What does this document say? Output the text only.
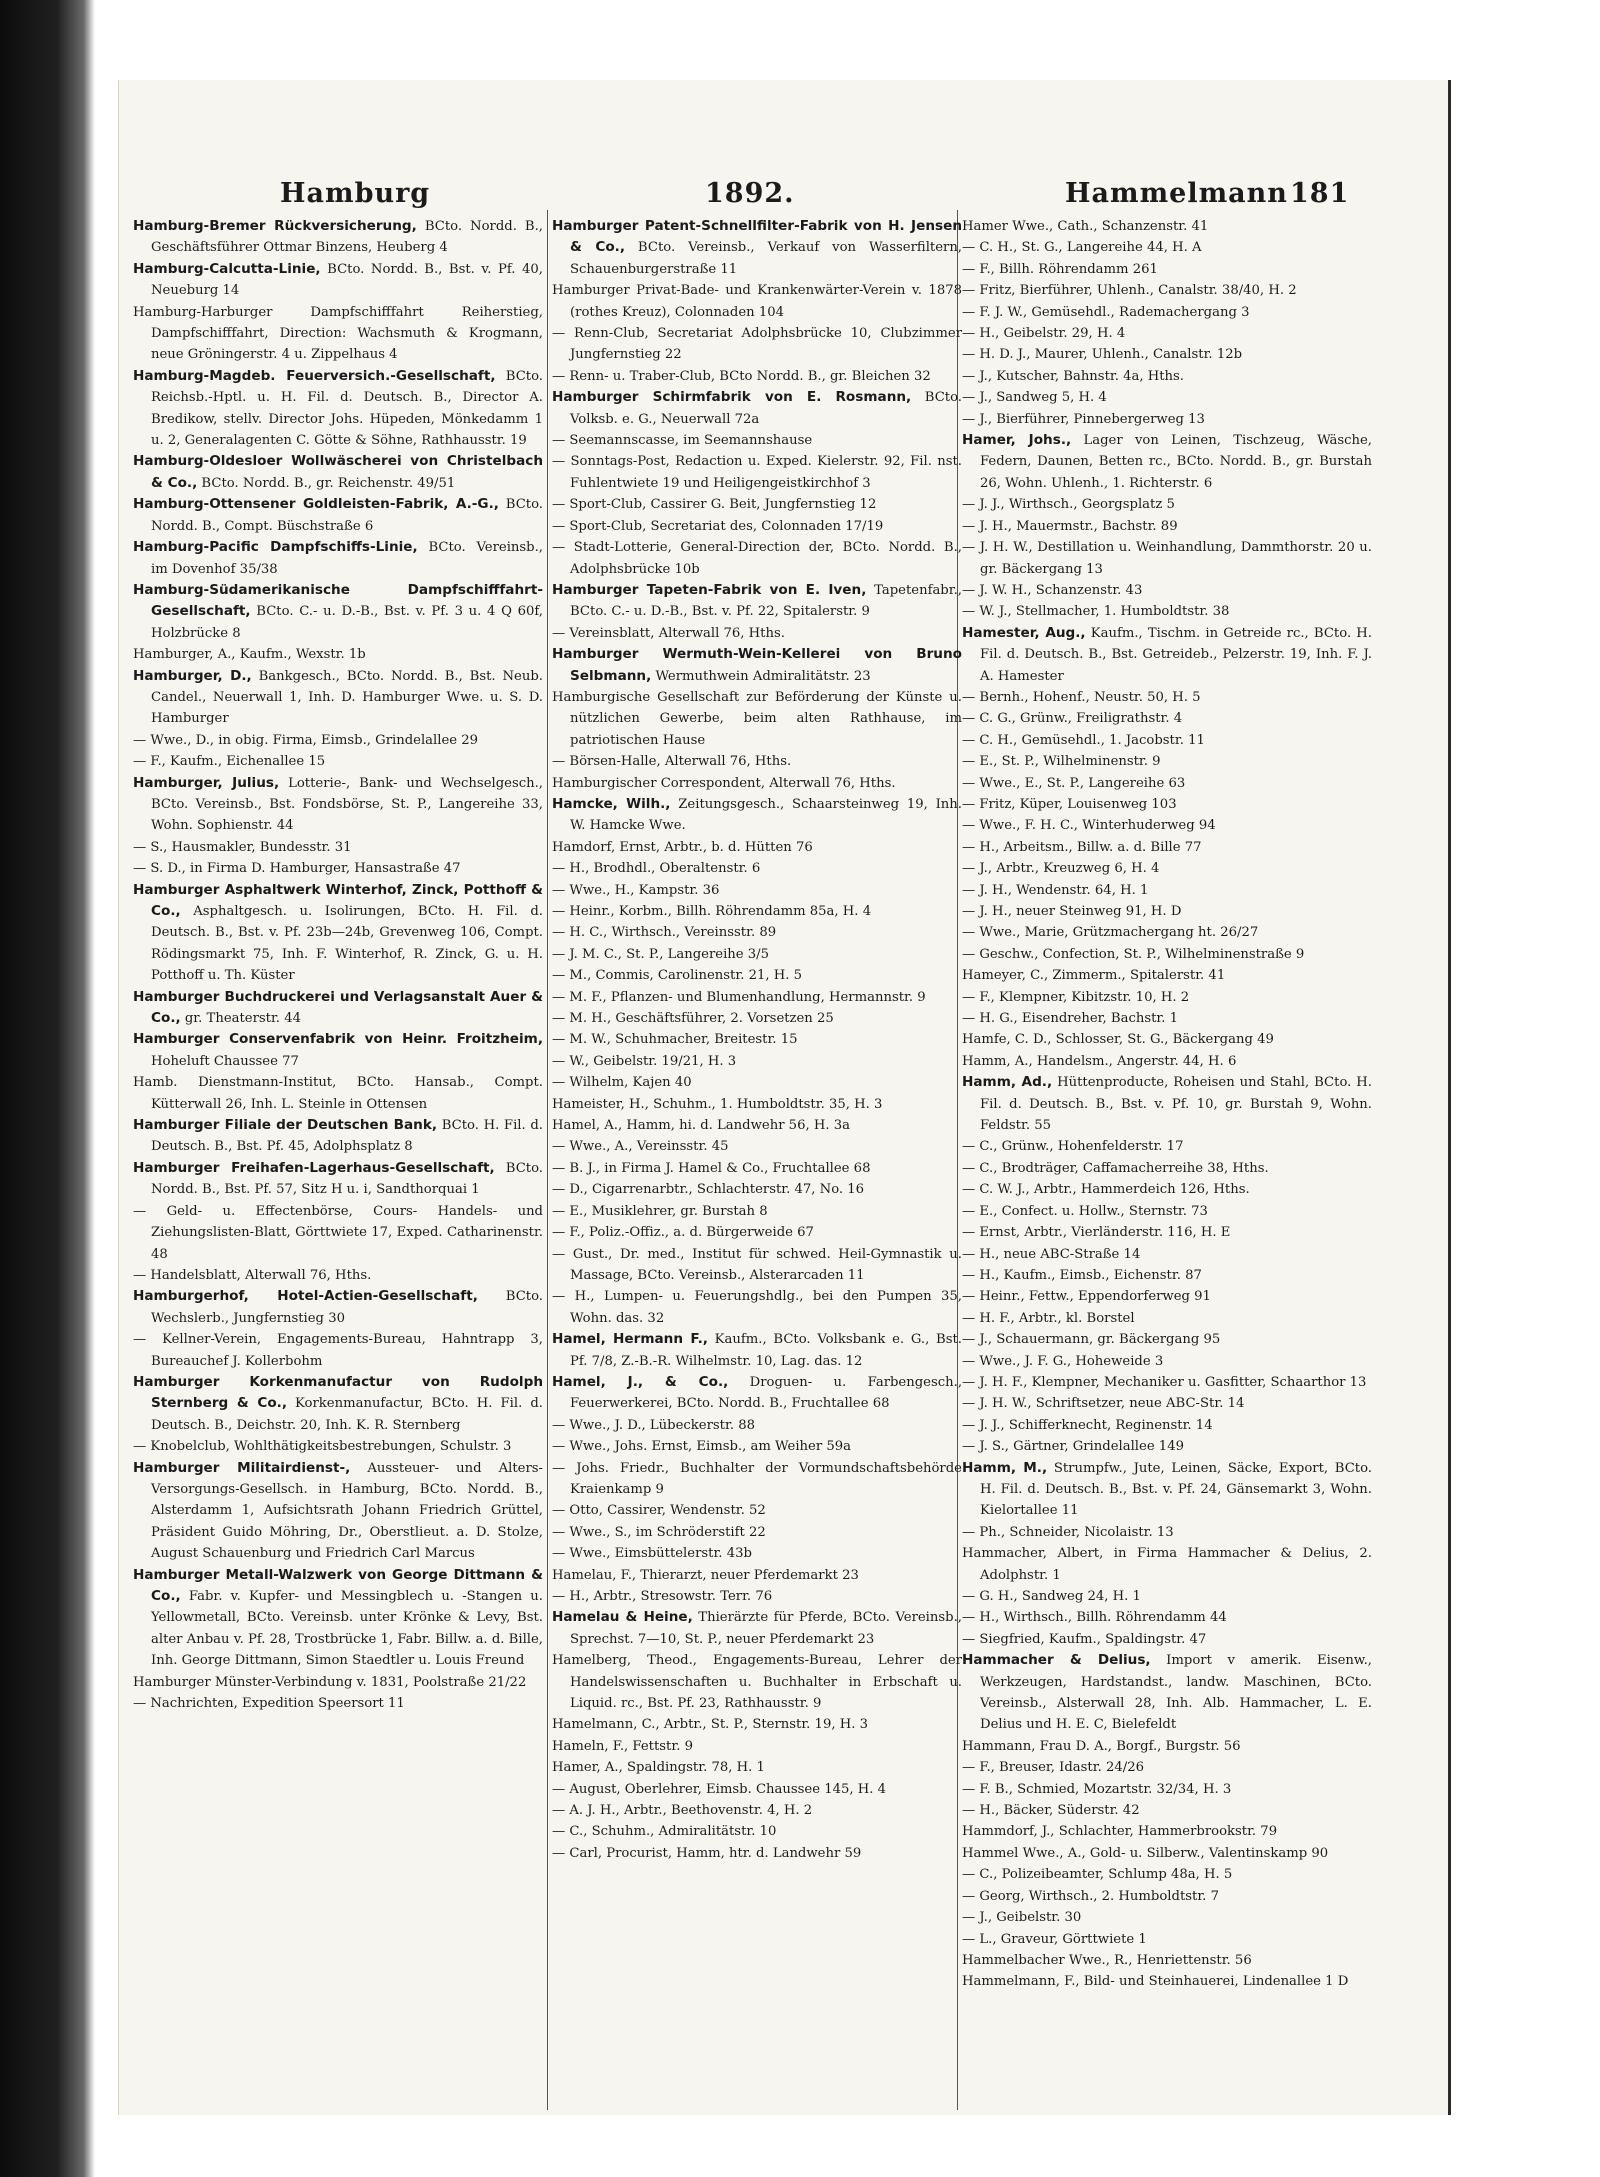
Hamburg	1892.	Hammelmann 181

Hamburg-Bremer Rückversicherung, BCto. Nordd. B., Geschäftsführer Ottmar Binzens, Heuberg 4

Hamburg-Calcutta-Linie, BCto. Nordd. B., Bst. v. Pf. 40, Neueburg 14

Hamburg-Harburger Dampfschifffahrt Reiherstieg, Dampfschifffahrt, Direction: Wachsmuth & Krogmann, neue Gröningerstr. 4 u. Zippelhaus 4

Hamburg-Magdeb. Feuerversich.-Gesellschaft, BCto. Reichsb.-Hptl. u. H. Fil. d. Deutsch. B., Director A. Bredikow, stellv. Director Johs. Hüpeden, Mönkedamm 1 u. 2, Generalagenten C. Götte & Söhne, Rathhausstr. 19

Hamburg-Oldesloer Wollwäscherei von Christelbach & Co., BCto. Nordd. B., gr. Reichenstr. 49/51

Hamburg-Ottensener Goldleisten-Fabrik, A.-G., BCto. Nordd. B., Compt. Büschstraße 6

Hamburg-Pacific Dampfschiffs-Linie, BCto. Vereinsb., im Dovenhof 35/38

Hamburg-Südamerikanische Dampfschifffahrt-Gesellschaft, BCto. C.- u. D.-B., Bst. v. Pf. 3 u. 4 Q 60f, Holzbrücke 8

Hamburger, A., Kaufm., Wexstr. 1b

Hamburger, D., Bankgesch., BCto. Nordd. B., Bst. Neub. Candel., Neuerwall 1, Inh. D. Hamburger Wwe. u. S. D. Hamburger

— Wwe., D., in obig. Firma, Eimsb., Grindelallee 29

— F., Kaufm., Eichenallee 15

Hamburger, Julius, Lotterie-, Bank- und Wechselgesch., BCto. Vereinsb., Bst. Fondsbörse, St. P., Langereihe 33, Wohn. Sophienstr. 44

— S., Hausmakler, Bundesstr. 31

— S. D., in Firma D. Hamburger, Hansastraße 47

Hamburger Asphaltwerk Winterhof, Zinck, Potthoff & Co., Asphaltgesch. u. Isolirungen, BCto. H. Fil. d. Deutsch. B., Bst. v. Pf. 23b—24b, Grevenweg 106, Compt. Rödingsmarkt 75, Inh. F. Winterhof, R. Zinck, G. u. H. Potthoff u. Th. Küster

Hamburger Buchdruckerei und Verlagsanstalt Auer & Co., gr. Theaterstr. 44

Hamburger Conservenfabrik von Heinr. Froitzheim, Hoheluft Chaussee 77

Hamb. Dienstmann-Institut, BCto. Hansab., Compt. Kütterwall 26, Inh. L. Steinle in Ottensen

Hamburger Filiale der Deutschen Bank, BCto. H. Fil. d. Deutsch. B., Bst. Pf. 45, Adolphsplatz 8

Hamburger Freihafen-Lagerhaus-Gesellschaft, BCto. Nordd. B., Bst. Pf. 57, Sitz H u. i, Sandthorquai 1

— Geld- u. Effectenbörse, Cours- Handels- und Ziehungslisten-Blatt, Görttwiete 17, Exped. Catharinenstr. 48

— Handelsblatt, Alterwall 76, Hths.

Hamburgerhof, Hotel-Actien-Gesellschaft, BCto. Wechslerb., Jungfernstieg 30

— Kellner-Verein, Engagements-Bureau, Hahntrapp 3, Bureauchef J. Kollerbohm

Hamburger Korkenmanufactur von Rudolph Sternberg & Co., Korkenmanufactur, BCto. H. Fil. d. Deutsch. B., Deichstr. 20, Inh. K. R. Sternberg

— Knobelclub, Wohlthätigkeitsbestrebungen, Schulstr. 3

Hamburger Militairdienst-, Aussteuer- und Alters-Versorgungs-Gesellsch. in Hamburg, BCto. Nordd. B., Alsterdamm 1, Aufsichtsrath Johann Friedrich Grüttel, Präsident Guido Möhring, Dr., Oberstlieut. a. D. Stolze, August Schauenburg und Friedrich Carl Marcus

Hamburger Metall-Walzwerk von George Dittmann & Co., Fabr. v. Kupfer- und Messingblech u. -Stangen u. Yellowmetall, BCto. Vereinsb. unter Krönke & Levy, Bst. alter Anbau v. Pf. 28, Trostbrücke 1, Fabr. Billw. a. d. Bille, Inh. George Dittmann, Simon Staedtler u. Louis Freund

Hamburger Münster-Verbindung v. 1831, Poolstraße 21/22

— Nachrichten, Expedition Speersort 11

Hamburger Patent-Schnellfilter-Fabrik von H. Jensen & Co., BCto. Vereinsb., Verkauf von Wasserfiltern, Schauenburgerstraße 11

Hamburger Privat-Bade- und Krankenwärter-Verein v. 1878 (rothes Kreuz), Colonnaden 104

— Renn-Club, Secretariat Adolphsbrücke 10, Clubzimmer Jungfernstieg 22

— Renn- u. Traber-Club, BCto Nordd. B., gr. Bleichen 32

Hamburger Schirmfabrik von E. Rosmann, BCto. Volksb. e. G., Neuerwall 72a

— Seemannscasse, im Seemannshause

— Sonntags-Post, Redaction u. Exped. Kielerstr. 92, Fil. nst. Fuhlentwiete 19 und Heiligengeistkirchhof 3

— Sport-Club, Cassirer G. Beit, Jungfernstieg 12

— Sport-Club, Secretariat des, Colonnaden 17/19

— Stadt-Lotterie, General-Direction der, BCto. Nordd. B., Adolphsbrücke 10b

Hamburger Tapeten-Fabrik von E. Iven, Tapetenfabr., BCto. C.- u. D.-B., Bst. v. Pf. 22, Spitalerstr. 9

— Vereinsblatt, Alterwall 76, Hths.

Hamburger Wermuth-Wein-Kellerei von Bruno Selbmann, Wermuthwein Admiralitätstr. 23

Hamburgische Gesellschaft zur Beförderung der Künste u. nützlichen Gewerbe, beim alten Rathhause, im patriotischen Hause

— Börsen-Halle, Alterwall 76, Hths.

Hamburgischer Correspondent, Alterwall 76, Hths.

Hamcke, Wilh., Zeitungsgesch., Schaarsteinweg 19, Inh. W. Hamcke Wwe.

Hamdorf, Ernst, Arbtr., b. d. Hütten 76

— H., Brodhdl., Oberaltenstr. 6

— Wwe., H., Kampstr. 36

— Heinr., Korbm., Billh. Röhrendamm 85a, H. 4

— H. C., Wirthsch., Vereinsstr. 89

— J. M. C., St. P., Langereihe 3/5

— M., Commis, Carolinenstr. 21, H. 5

— M. F., Pflanzen- und Blumenhandlung, Hermannstr. 9

— M. H., Geschäftsführer, 2. Vorsetzen 25

— M. W., Schuhmacher, Breitestr. 15

— W., Geibelstr. 19/21, H. 3

— Wilhelm, Kajen 40

Hameister, H., Schuhm., 1. Humboldtstr. 35, H. 3

Hamel, A., Hamm, hi. d. Landwehr 56, H. 3a

— Wwe., A., Vereinsstr. 45

— B. J., in Firma J. Hamel & Co., Fruchtallee 68

— D., Cigarrenarbtr., Schlachterstr. 47, No. 16

— E., Musiklehrer, gr. Burstah 8

— F., Poliz.-Offiz., a. d. Bürgerweide 67

— Gust., Dr. med., Institut für schwed. Heil-Gymnastik u. Massage, BCto. Vereinsb., Alsterarcaden 11

— H., Lumpen- u. Feuerungshdlg., bei den Pumpen 35, Wohn. das. 32

Hamel, Hermann F., Kaufm., BCto. Volksbank e. G., Bst. Pf. 7/8, Z.-B.-R. Wilhelmstr. 10, Lag. das. 12

Hamel, J., & Co., Droguen- u. Farbengesch., Feuerwerkerei, BCto. Nordd. B., Fruchtallee 68

— Wwe., J. D., Lübeckerstr. 88

— Wwe., Johs. Ernst, Eimsb., am Weiher 59a

— Johs. Friedr., Buchhalter der Vormundschaftsbehörde Kraienkamp 9

— Otto, Cassirer, Wendenstr. 52

— Wwe., S., im Schröderstift 22

— Wwe., Eimsbüttelerstr. 43b

Hamelau, F., Thierarzt, neuer Pferdemarkt 23

— H., Arbtr., Stresowstr. Terr. 76

Hamelau & Heine, Thierärzte für Pferde, BCto. Vereinsb., Sprechst. 7—10, St. P., neuer Pferdemarkt 23

Hamelberg, Theod., Engagements-Bureau, Lehrer der Handelswissenschaften u. Buchhalter in Erbschaft u. Liquid. rc., Bst. Pf. 23, Rathhausstr. 9

Hamelmann, C., Arbtr., St. P., Sternstr. 19, H. 3

Hameln, F., Fettstr. 9

Hamer, A., Spaldingstr. 78, H. 1

— August, Oberlehrer, Eimsb. Chaussee 145, H. 4

— A. J. H., Arbtr., Beethovenstr. 4, H. 2

— C., Schuhm., Admiralitätstr. 10

— Carl, Procurist, Hamm, htr. d. Landwehr 59

Hamer Wwe., Cath., Schanzenstr. 41

— C. H., St. G., Langereihe 44, H. A

— F., Billh. Röhrendamm 261

— Fritz, Bierführer, Uhlenh., Canalstr. 38/40, H. 2

— F. J. W., Gemüsehdl., Rademachergang 3

— H., Geibelstr. 29, H. 4

— H. D. J., Maurer, Uhlenh., Canalstr. 12b

— J., Kutscher, Bahnstr. 4a, Hths.

— J., Sandweg 5, H. 4

— J., Bierführer, Pinnebergerweg 13

Hamer, Johs., Lager von Leinen, Tischzeug, Wäsche, Federn, Daunen, Betten rc., BCto. Nordd. B., gr. Burstah 26, Wohn. Uhlenh., 1. Richterstr. 6

— J. J., Wirthsch., Georgsplatz 5

— J. H., Mauermstr., Bachstr. 89

— J. H. W., Destillation u. Weinhandlung, Dammthorstr. 20 u. gr. Bäckergang 13

— J. W. H., Schanzenstr. 43

— W. J., Stellmacher, 1. Humboldtstr. 38

Hamester, Aug., Kaufm., Tischm. in Getreide rc., BCto. H. Fil. d. Deutsch. B., Bst. Getreideb., Pelzerstr. 19, Inh. F. J. A. Hamester

— Bernh., Hohenf., Neustr. 50, H. 5

— C. G., Grünw., Freiligrathstr. 4

— C. H., Gemüsehdl., 1. Jacobstr. 11

— E., St. P., Wilhelminenstr. 9

— Wwe., E., St. P., Langereihe 63

— Fritz, Küper, Louisenweg 103

— Wwe., F. H. C., Winterhuderweg 94

— H., Arbeitsm., Billw. a. d. Bille 77

— J., Arbtr., Kreuzweg 6, H. 4

— J. H., Wendenstr. 64, H. 1

— J. H., neuer Steinweg 91, H. D

— Wwe., Marie, Grützmachergang ht. 26/27

— Geschw., Confection, St. P., Wilhelminenstraße 9

Hameyer, C., Zimmerm., Spitalerstr. 41

— F., Klempner, Kibitzstr. 10, H. 2

— H. G., Eisendreher, Bachstr. 1

Hamfe, C. D., Schlosser, St. G., Bäckergang 49

Hamm, A., Handelsm., Angerstr. 44, H. 6

Hamm, Ad., Hüttenproducte, Roheisen und Stahl, BCto. H. Fil. d. Deutsch. B., Bst. v. Pf. 10, gr. Burstah 9, Wohn. Feldstr. 55

— C., Grünw., Hohenfelderstr. 17

— C., Brodträger, Caffamacherreihe 38, Hths.

— C. W. J., Arbtr., Hammerdeich 126, Hths.

— E., Confect. u. Hollw., Sternstr. 73

— Ernst, Arbtr., Vierländerstr. 116, H. E

— H., neue ABC-Straße 14

— H., Kaufm., Eimsb., Eichenstr. 87

— Heinr., Fettw., Eppendorferweg 91

— H. F., Arbtr., kl. Borstel

— J., Schauermann, gr. Bäckergang 95

— Wwe., J. F. G., Hoheweide 3

— J. H. F., Klempner, Mechaniker u. Gasfitter, Schaarthor 13

— J. H. W., Schriftsetzer, neue ABC-Str. 14

— J. J., Schifferknecht, Reginenstr. 14

— J. S., Gärtner, Grindelallee 149

Hamm, M., Strumpfw., Jute, Leinen, Säcke, Export, BCto. H. Fil. d. Deutsch. B., Bst. v. Pf. 24, Gänsemarkt 3, Wohn. Kielortallee 11

— Ph., Schneider, Nicolaistr. 13

Hammacher, Albert, in Firma Hammacher & Delius, 2. Adolphstr. 1

— G. H., Sandweg 24, H. 1

— H., Wirthsch., Billh. Röhrendamm 44

— Siegfried, Kaufm., Spaldingstr. 47

Hammacher & Delius, Import v amerik. Eisenw., Werkzeugen, Hardstandst., landw. Maschinen, BCto. Vereinsb., Alsterwall 28, Inh. Alb. Hammacher, L. E. Delius und H. E. C, Bielefeldt

Hammann, Frau D. A., Borgf., Burgstr. 56

— F., Breuser, Idastr. 24/26

— F. B., Schmied, Mozartstr. 32/34, H. 3

— H., Bäcker, Süderstr. 42

Hammdorf, J., Schlachter, Hammerbrookstr. 79

Hammel Wwe., A., Gold- u. Silberw., Valentinskamp 90

— C., Polizeibeamter, Schlump 48a, H. 5

— Georg, Wirthsch., 2. Humboldtstr. 7

— J., Geibelstr. 30

— L., Graveur, Görttwiete 1

Hammelbacher Wwe., R., Henriettenstr. 56

Hammelmann, F., Bild- und Steinhauerei, Lindenallee 1 D
